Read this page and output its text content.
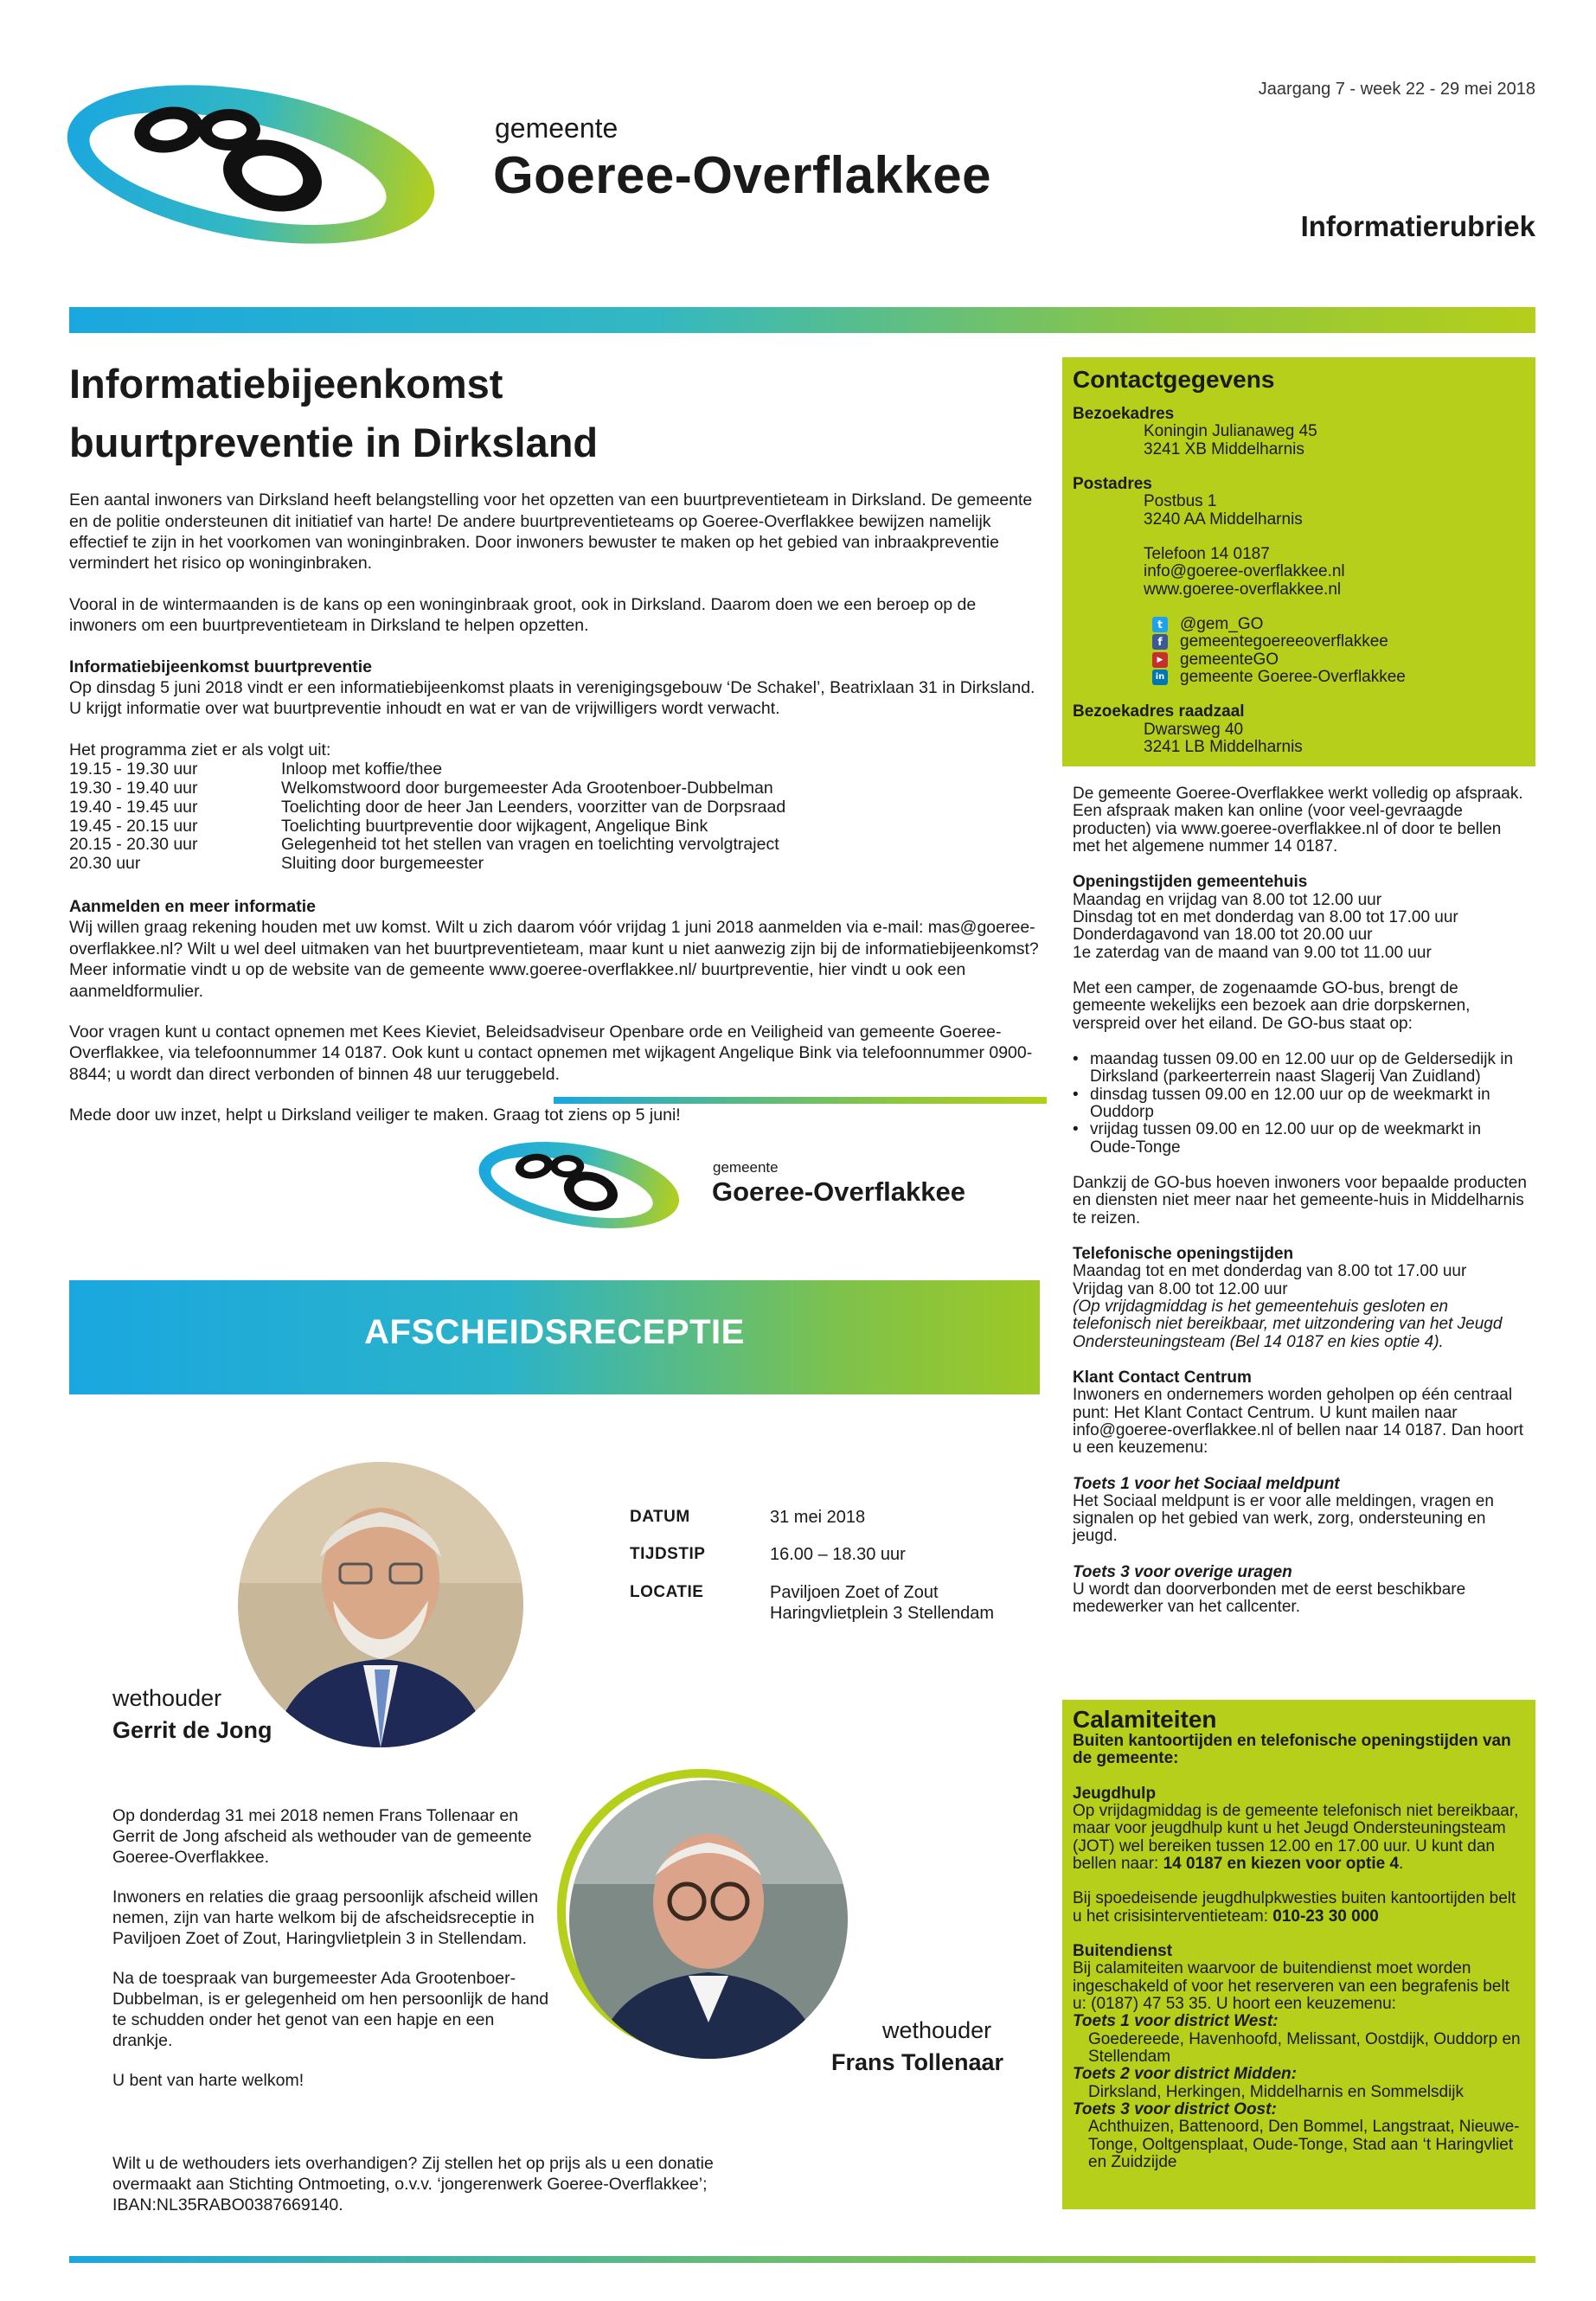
gemeente
Goeree-Overflakkee
Jaargang 7 - week 22 - 29 mei 2018
Informatierubriek
Informatiebijeenkomst
buurtpreventie in Dirksland

Een aantal inwoners van Dirksland heeft belangstelling voor het opzetten van een buurtpreventieteam in Dirksland. De gemeente en de politie ondersteunen dit initiatief van harte! De andere buurtpreventieteams op Goeree-Overflakkee bewijzen namelijk effectief te zijn in het voorkomen van woninginbraken. Door inwoners bewuster te maken op het gebied van inbraakpreventie vermindert het risico op woninginbraken.

Vooral in de wintermaanden is de kans op een woninginbraak groot, ook in Dirksland. Daarom doen we een beroep op de inwoners om een buurtpreventieteam in Dirksland te helpen opzetten.

Informatiebijeenkomst buurtpreventie

Op dinsdag 5 juni 2018 vindt er een informatiebijeenkomst plaats in verenigingsgebouw ‘De Schakel’, Beatrixlaan 31 in Dirksland. U krijgt informatie over wat buurtpreventie inhoudt en wat er van de vrijwilligers wordt verwacht.

Het programma ziet er als volgt uit:
19.15 - 19.30 uur	Inloop met koffie/thee
19.30 - 19.40 uur	Welkomstwoord door burgemeester Ada Grootenboer-Dubbelman
19.40 - 19.45 uur	Toelichting door de heer Jan Leenders, voorzitter van de Dorpsraad
19.45 - 20.15 uur	Toelichting buurtpreventie door wijkagent, Angelique Bink
20.15 - 20.30 uur	Gelegenheid tot het stellen van vragen en toelichting vervolgtraject
20.30 uur	Sluiting door burgemeester
Aanmelden en meer informatie

Wij willen graag rekening houden met uw komst. Wilt u zich daarom vóór vrijdag 1 juni 2018 aanmelden via e-mail: mas@goeree-overflakkee.nl? Wilt u wel deel uitmaken van het buurtpreventieteam, maar kunt u niet aanwezig zijn bij de informatiebijeenkomst? Meer informatie vindt u op de website van de gemeente www.goeree-overflakkee.nl/ buurtpreventie, hier vindt u ook een aanmeldformulier.

Voor vragen kunt u contact opnemen met Kees Kieviet, Beleidsadviseur Openbare orde en Veiligheid van gemeente Goeree-Overflakkee, via telefoonnummer 14 0187. Ook kunt u contact opnemen met wijkagent Angelique Bink via telefoonnummer 0900-8844; u wordt dan direct verbonden of binnen 48 uur teruggebeld.

Mede door uw inzet, helpt u Dirksland veiliger te maken. Graag tot ziens op 5 juni!

gemeente
Goeree-Overflakkee
AFSCHEIDSRECEPTIE
wethouder
Gerrit de Jong
DATUM	31 mei 2018
TIJDSTIP	16.00 – 18.30 uur
LOCATIE	Paviljoen Zoet of Zout
Haringvlietplein 3 Stellendam
wethouder
Frans Tollenaar

Op donderdag 31 mei 2018 nemen Frans Tollenaar en Gerrit de Jong afscheid als wethouder van de gemeente Goeree-Overflakkee.

Inwoners en relaties die graag persoonlijk afscheid willen nemen, zijn van harte welkom bij de afscheidsreceptie in Paviljoen Zoet of Zout, Haringvlietplein 3 in Stellendam.

Na de toespraak van burgemeester Ada Grootenboer-Dubbelman, is er gelegenheid om hen persoonlijk de hand te schudden onder het genot van een hapje en een drankje.

U bent van harte welkom!

Wilt u de wethouders iets overhandigen? Zij stellen het op prijs als u een donatie overmaakt aan Stichting Ontmoeting, o.v.v. ‘jongerenwerk Goeree-Overflakkee’; IBAN:NL35RABO0387669140.
Contactgegevens
Bezoekadres
Koningin Julianaweg 45
3241 XB Middelharnis
Postadres
Postbus 1
3240 AA Middelharnis
Telefoon 14 0187
info@goeree-overflakkee.nl
www.goeree-overflakkee.nl
t	@gem_GO
f	gemeentegoereeoverflakkee
▶ gemeenteGO
in gemeente Goeree-Overflakkee
Bezoekadres raadzaal
Dwarsweg 40
3241 LB Middelharnis

De gemeente Goeree-Overflakkee werkt volledig op afspraak. Een afspraak maken kan online (voor veel-gevraagde producten) via www.goeree-overflakkee.nl of door te bellen met het algemene nummer 14 0187.

Openingstijden gemeentehuis
Maandag en vrijdag van 8.00 tot 12.00 uur
Dinsdag tot en met donderdag van 8.00 tot 17.00 uur
Donderdagavond van 18.00 tot 20.00 uur
1e zaterdag van de maand van 9.00 tot 11.00 uur

Met een camper, de zogenaamde GO-bus, brengt de gemeente wekelijks een bezoek aan drie dorpskernen, verspreid over het eiland. De GO-bus staat op:

• maandag tussen 09.00 en 12.00 uur op de Geldersedijk in Dirksland (parkeerterrein naast Slagerij Van Zuidland)
• dinsdag tussen 09.00 en 12.00 uur op de weekmarkt in Ouddorp
• vrijdag tussen 09.00 en 12.00 uur op de weekmarkt in Oude-Tonge

Dankzij de GO-bus hoeven inwoners voor bepaalde producten en diensten niet meer naar het gemeente-huis in Middelharnis te reizen.

Telefonische openingstijden
Maandag tot en met donderdag van 8.00 tot 17.00 uur
Vrijdag van 8.00 tot 12.00 uur

(Op vrijdagmiddag is het gemeentehuis gesloten en telefonisch niet bereikbaar, met uitzondering van het Jeugd Ondersteuningsteam (Bel 14 0187 en kies optie 4).

Klant Contact Centrum

Inwoners en ondernemers worden geholpen op één centraal punt: Het Klant Contact Centrum. U kunt mailen naar info@goeree-overflakkee.nl of bellen naar 14 0187. Dan hoort u een keuzemenu:

Toets 1 voor het Sociaal meldpunt

Het Sociaal meldpunt is er voor alle meldingen, vragen en signalen op het gebied van werk, zorg, ondersteuning en jeugd.

Toets 3 voor overige uragen
U wordt dan doorverbonden met de eerst beschikbare medewerker van het callcenter.
Calamiteiten
Buiten kantoortijden en telefonische openingstijden van de gemeente:
Jeugdhulp
Op vrijdagmiddag is de gemeente telefonisch niet bereikbaar, maar voor jeugdhulp kunt u het Jeugd Ondersteuningsteam (JOT) wel bereiken tussen 12.00 en 17.00 uur. U kunt dan bellen naar: 14 0187 en kiezen voor optie 4.
Bij spoedeisende jeugdhulpkwesties buiten kantoortijden belt u het crisisinterventieteam: 010-23 30 000
Buitendienst
Bij calamiteiten waarvoor de buitendienst moet worden ingeschakeld of voor het reserveren van een begrafenis belt u: (0187) 47 53 35. U hoort een keuzemenu:
Toets 1 voor district West:
Goedereede, Havenhoofd, Melissant, Oostdijk, Ouddorp en Stellendam
Toets 2 voor district Midden:
Dirksland, Herkingen, Middelharnis en Sommelsdijk
Toets 3 voor district Oost:
Achthuizen, Battenoord, Den Bommel, Langstraat, Nieuwe-Tonge, Ooltgensplaat, Oude-Tonge, Stad aan ‘t Haringvliet en Zuidzijde
